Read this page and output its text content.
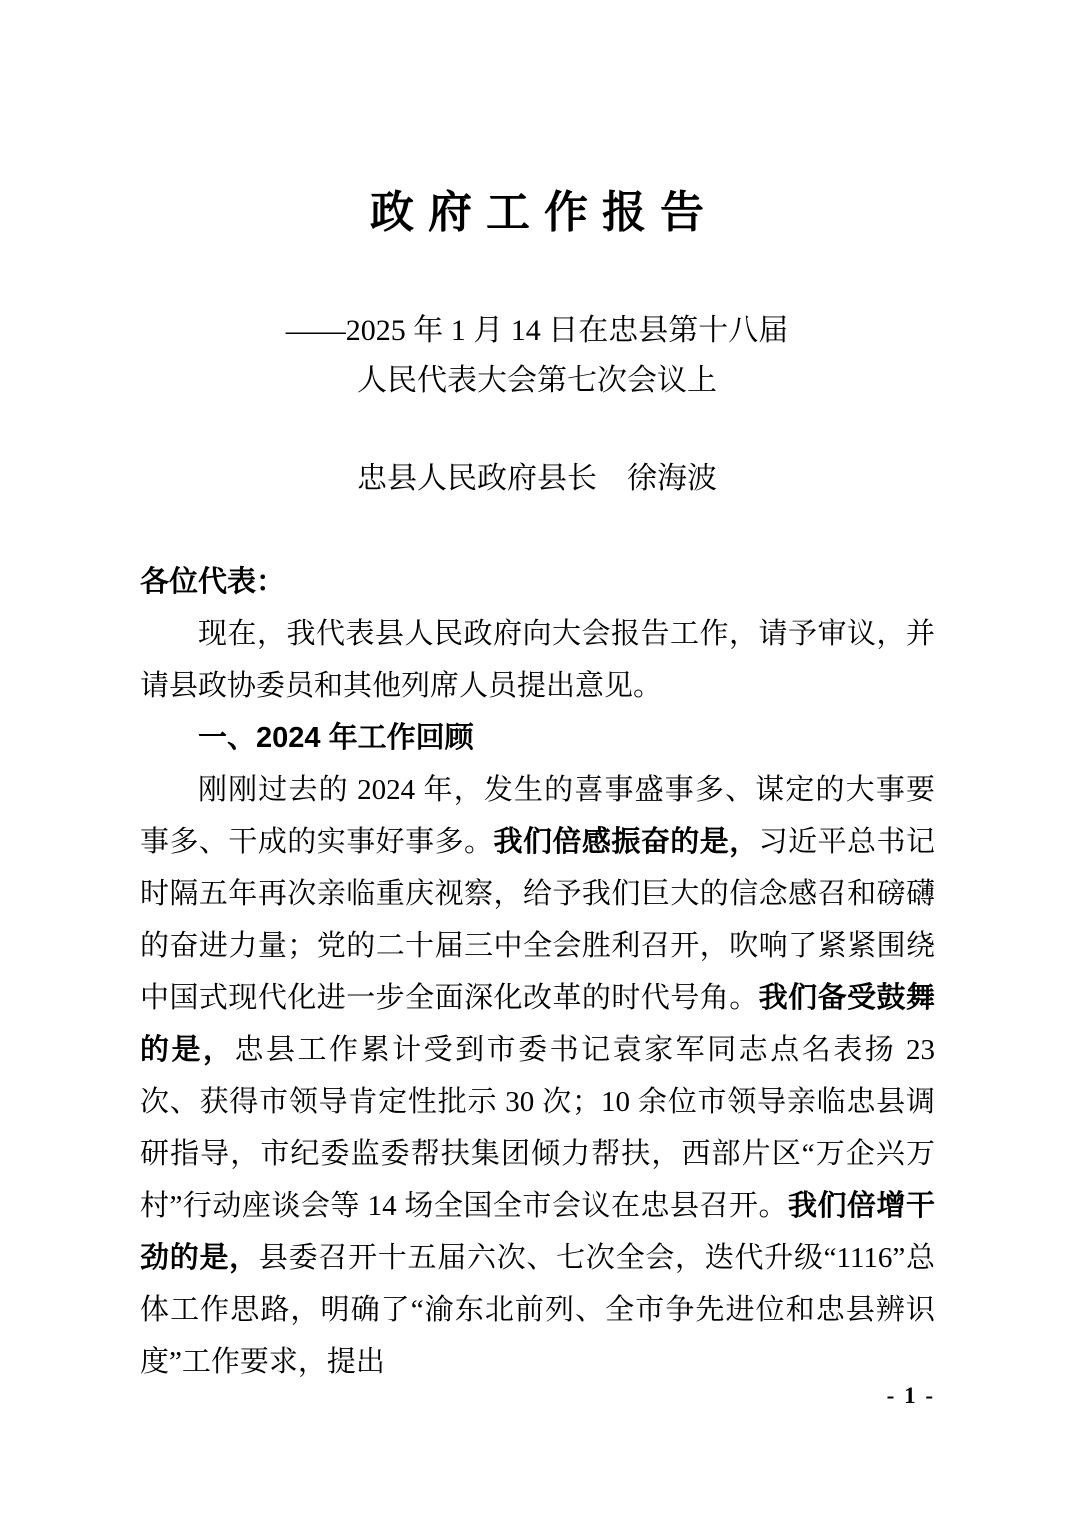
政府工作报告
——2025 年 1 月 14 日在忠县第十八届
人民代表大会第七次会议上
忠县人民政府县长　徐海波

各位代表：

现在，我代表县人民政府向大会报告工作，请予审议，并请县政协委员和其他列席人员提出意见。

一、2024 年工作回顾

刚刚过去的 2024 年，发生的喜事盛事多、谋定的大事要事多、干成的实事好事多。我们倍感振奋的是，习近平总书记时隔五年再次亲临重庆视察，给予我们巨大的信念感召和磅礴的奋进力量；党的二十届三中全会胜利召开，吹响了紧紧围绕中国式现代化进一步全面深化改革的时代号角。我们备受鼓舞的是，忠县工作累计受到市委书记袁家军同志点名表扬 23 次、获得市领导肯定性批示 30 次；10 余位市领导亲临忠县调研指导，市纪委监委帮扶集团倾力帮扶，西部片区“万企兴万村”行动座谈会等 14 场全国全市会议在忠县召开。我们倍增干劲的是，县委召开十五届六次、七次全会，迭代升级“1116”总体工作思路，明确了“渝东北前列、全市争先进位和忠县辨识度”工作要求，提出

- 1 -
